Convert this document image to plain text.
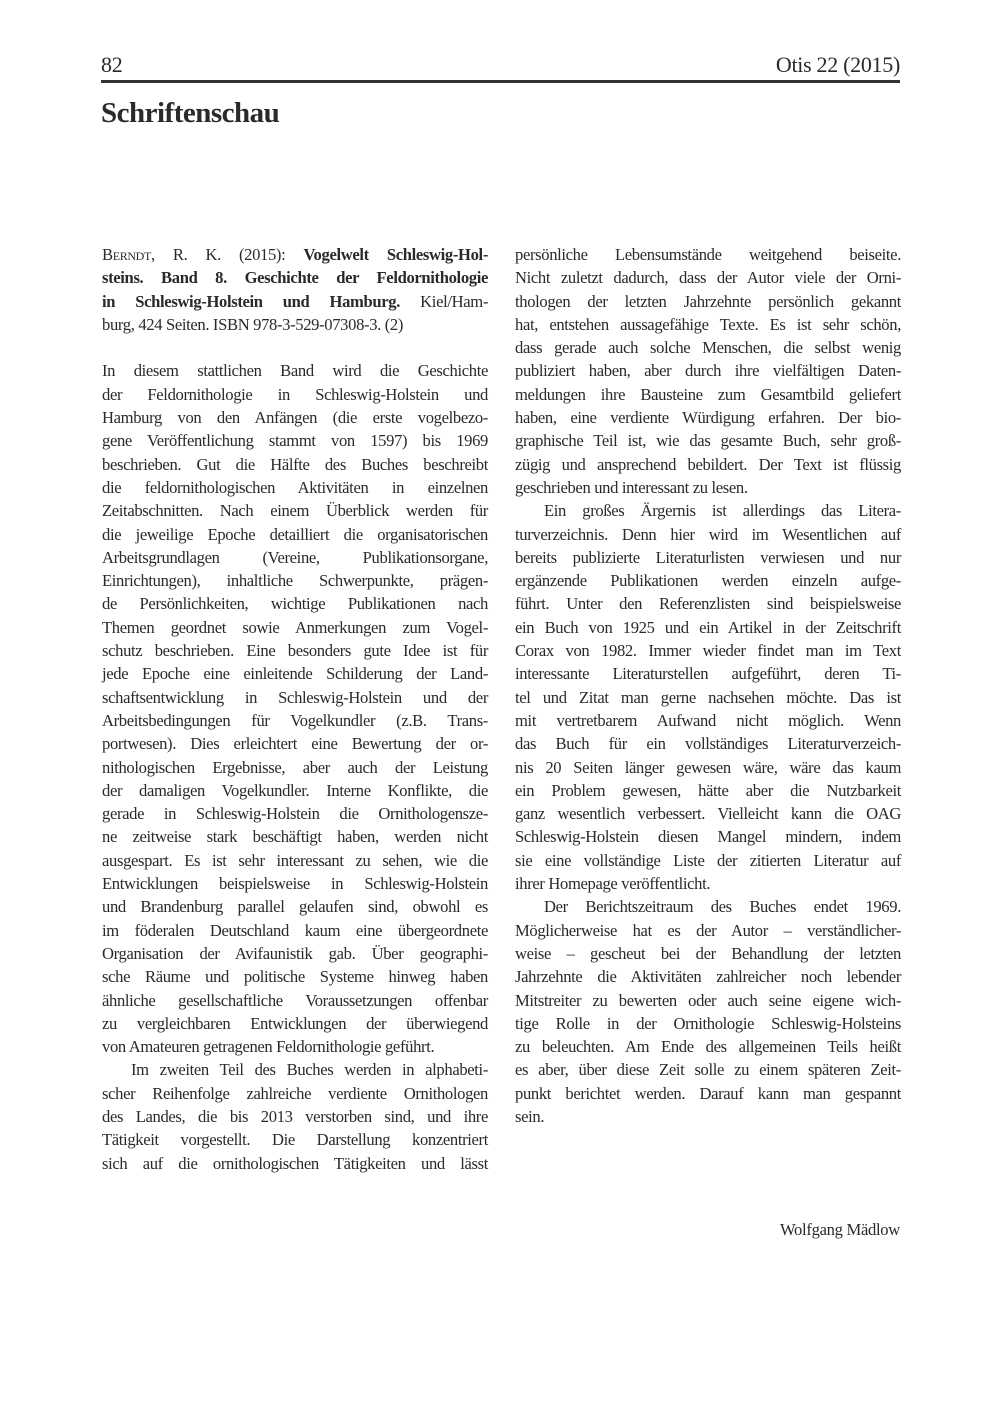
82	Otis 22 (2015)
Schriftenschau
Berndt, R. K. (2015): Vogelwelt Schleswig-Hol-
steins. Band 8. Geschichte der Feldornithologie
in Schleswig-Holstein und Hamburg. Kiel/Ham-
burg, 424 Seiten. ISBN 978-3-529-07308-3. (2)
In diesem stattlichen Band wird die Geschichte
der Feldornithologie in Schleswig-Holstein und
Hamburg von den Anfängen (die erste vogelbezo-
gene Veröffentlichung stammt von 1597) bis 1969
beschrieben. Gut die Hälfte des Buches beschreibt
die feldornithologischen Aktivitäten in einzelnen
Zeitabschnitten. Nach einem Überblick werden für
die jeweilige Epoche detailliert die organisatorischen
Arbeitsgrundlagen (Vereine, Publikationsorgane,
Einrichtungen), inhaltliche Schwerpunkte, prägen-
de Persönlichkeiten, wichtige Publikationen nach
Themen geordnet sowie Anmerkungen zum Vogel-
schutz beschrieben. Eine besonders gute Idee ist für
jede Epoche eine einleitende Schilderung der Land-
schaftsentwicklung in Schleswig-Holstein und der
Arbeitsbedingungen für Vogelkundler (z.B. Trans-
portwesen). Dies erleichtert eine Bewertung der or-
nithologischen Ergebnisse, aber auch der Leistung
der damaligen Vogelkundler. Interne Konflikte, die
gerade in Schleswig-Holstein die Ornithologensze-
ne zeitweise stark beschäftigt haben, werden nicht
ausgespart. Es ist sehr interessant zu sehen, wie die
Entwicklungen beispielsweise in Schleswig-Holstein
und Brandenburg parallel gelaufen sind, obwohl es
im föderalen Deutschland kaum eine übergeordnete
Organisation der Avifaunistik gab. Über geographi-
sche Räume und politische Systeme hinweg haben
ähnliche gesellschaftliche Voraussetzungen offenbar
zu vergleichbaren Entwicklungen der überwiegend
von Amateuren getragenen Feldornithologie geführt.
Im zweiten Teil des Buches werden in alphabeti-
scher Reihenfolge zahlreiche verdiente Ornithologen
des Landes, die bis 2013 verstorben sind, und ihre
Tätigkeit vorgestellt. Die Darstellung konzentriert
sich auf die ornithologischen Tätigkeiten und lässt
persönliche Lebensumstände weitgehend beiseite.
Nicht zuletzt dadurch, dass der Autor viele der Orni-
thologen der letzten Jahrzehnte persönlich gekannt
hat, entstehen aussagefähige Texte. Es ist sehr schön,
dass gerade auch solche Menschen, die selbst wenig
publiziert haben, aber durch ihre vielfältigen Daten-
meldungen ihre Bausteine zum Gesamtbild geliefert
haben, eine verdiente Würdigung erfahren. Der bio-
graphische Teil ist, wie das gesamte Buch, sehr groß-
zügig und ansprechend bebildert. Der Text ist flüssig
geschrieben und interessant zu lesen.
Ein großes Ärgernis ist allerdings das Litera-
turverzeichnis. Denn hier wird im Wesentlichen auf
bereits publizierte Literaturlisten verwiesen und nur
ergänzende Publikationen werden einzeln aufge-
führt. Unter den Referenzlisten sind beispielsweise
ein Buch von 1925 und ein Artikel in der Zeitschrift
Corax von 1982. Immer wieder findet man im Text
interessante Literaturstellen aufgeführt, deren Ti-
tel und Zitat man gerne nachsehen möchte. Das ist
mit vertretbarem Aufwand nicht möglich. Wenn
das Buch für ein vollständiges Literaturverzeich-
nis 20 Seiten länger gewesen wäre, wäre das kaum
ein Problem gewesen, hätte aber die Nutzbarkeit
ganz wesentlich verbessert. Vielleicht kann die OAG
Schleswig-Holstein diesen Mangel mindern, indem
sie eine vollständige Liste der zitierten Literatur auf
ihrer Homepage veröffentlicht.
Der Berichtszeitraum des Buches endet 1969.
Möglicherweise hat es der Autor – verständlicher-
weise – gescheut bei der Behandlung der letzten
Jahrzehnte die Aktivitäten zahlreicher noch lebender
Mitstreiter zu bewerten oder auch seine eigene wich-
tige Rolle in der Ornithologie Schleswig-Holsteins
zu beleuchten. Am Ende des allgemeinen Teils heißt
es aber, über diese Zeit solle zu einem späteren Zeit-
punkt berichtet werden. Darauf kann man gespannt
sein.
Wolfgang Mädlow
